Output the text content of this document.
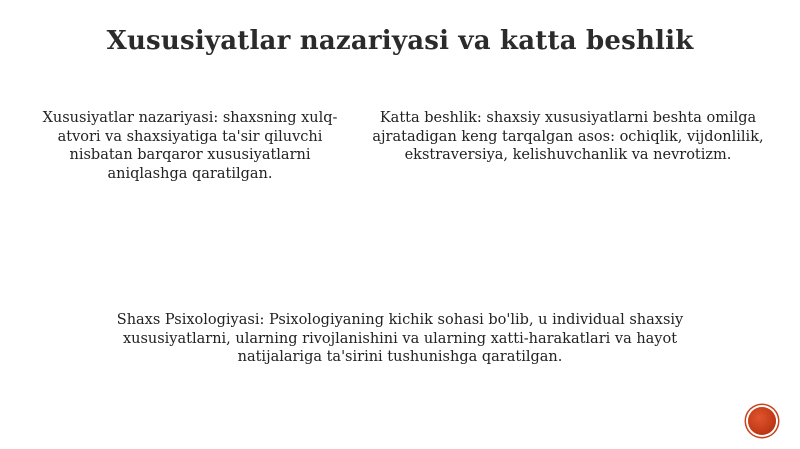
Xususiyatlar nazariyasi va katta beshlik
Xususiyatlar nazariyasi: shaxsning xulq-atvori va shaxsiyatiga ta'sir qiluvchi nisbatan barqaror xususiyatlarni aniqlashga qaratilgan.
Katta beshlik: shaxsiy xususiyatlarni beshta omilga ajratadigan keng tarqalgan asos: ochiqlik, vijdonlilik, ekstraversiya, kelishuvchanlik va nevrotizm.
Shaxs Psixologiyasi: Psixologiyaning kichik sohasi bo'lib, u individual shaxsiy xususiyatlarni, ularning rivojlanishini va ularning xatti-harakatlari va hayot natijalariga ta'sirini tushunishga qaratilgan.
